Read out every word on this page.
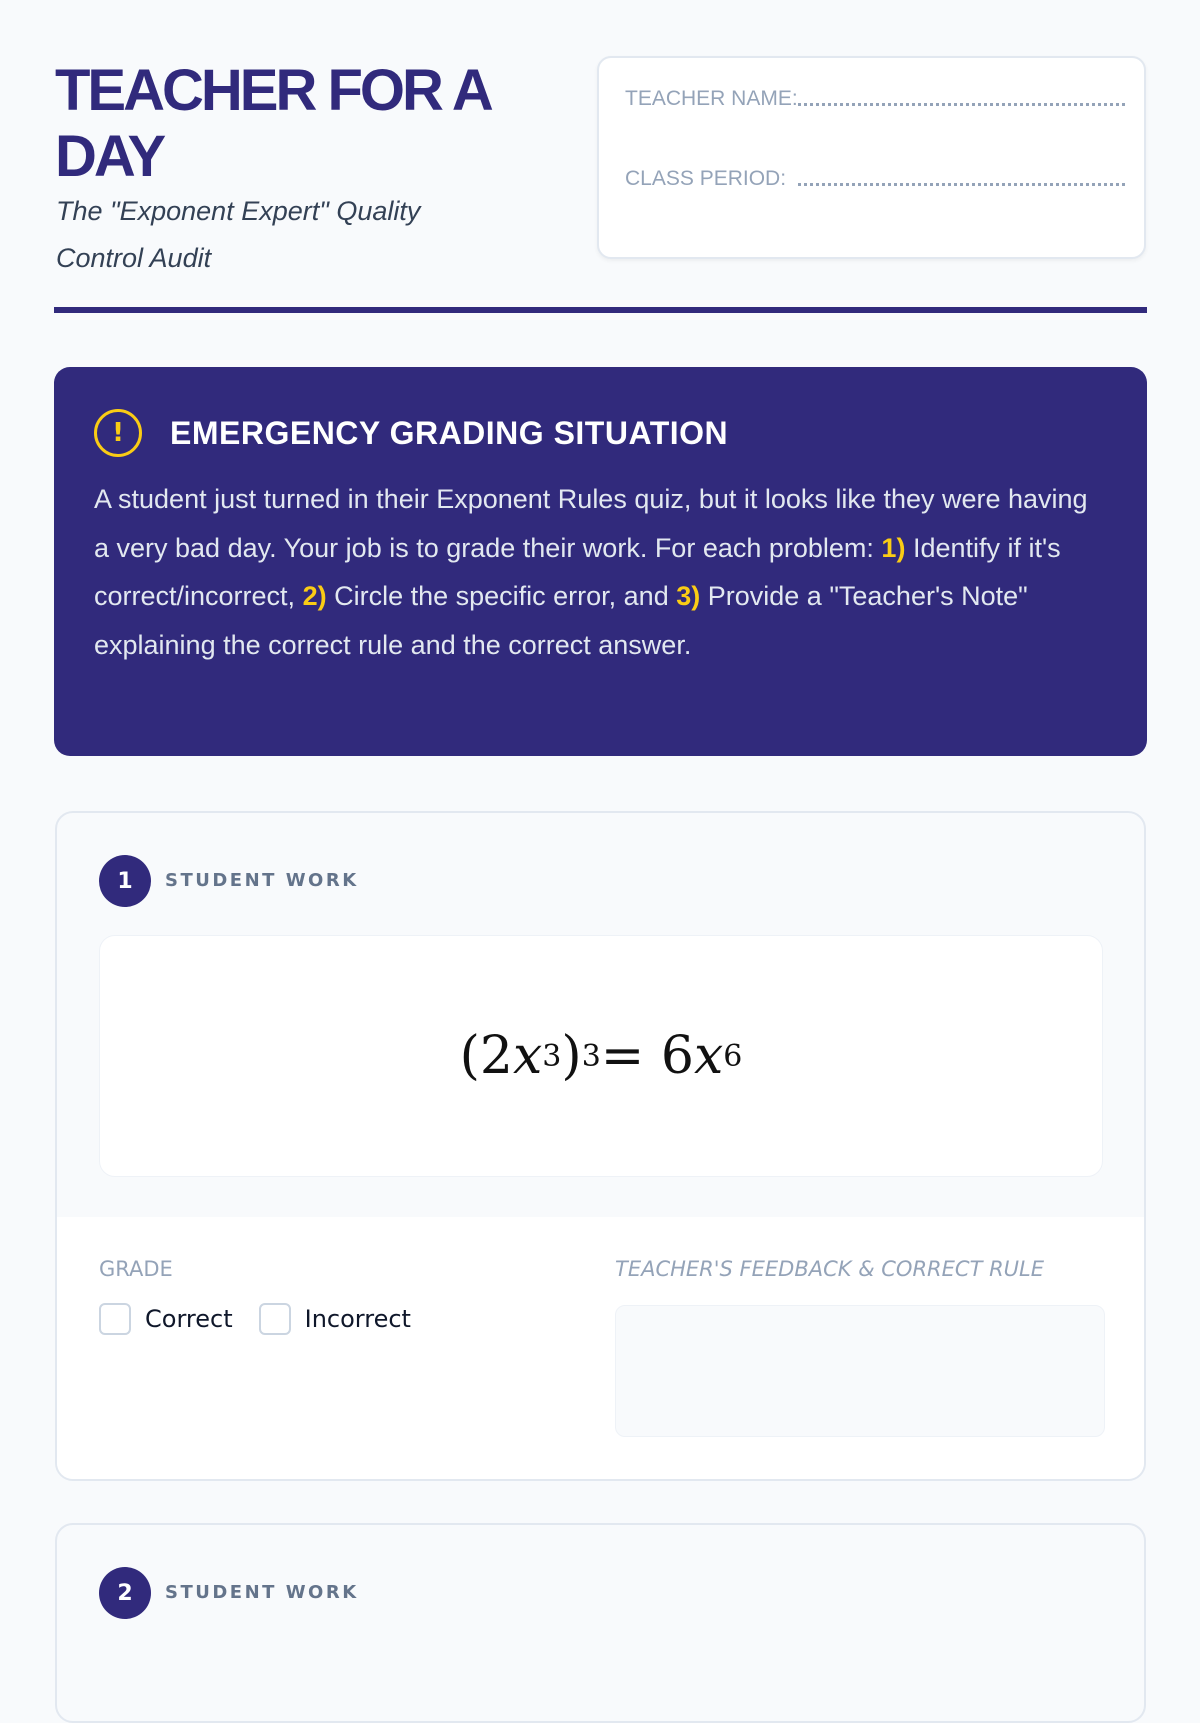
TEACHER FOR A DAY
The "Exponent Expert" Quality Control Audit
TEACHER NAME:
CLASS PERIOD:
!	EMERGENCY GRADING SITUATION
A student just turned in their Exponent Rules quiz, but it looks like they were having a very bad day. Your job is to grade their work. For each problem: 1) Identify if it's correct/incorrect, 2) Circle the specific error, and 3) Provide a "Teacher's Note" explaining the correct rule and the correct answer.
1	STUDENT WORK
(2 x 3 ) 3 = 6 x 6
GRADE
Correct	Incorrect
TEACHER'S FEEDBACK & CORRECT RULE
2	STUDENT WORK
